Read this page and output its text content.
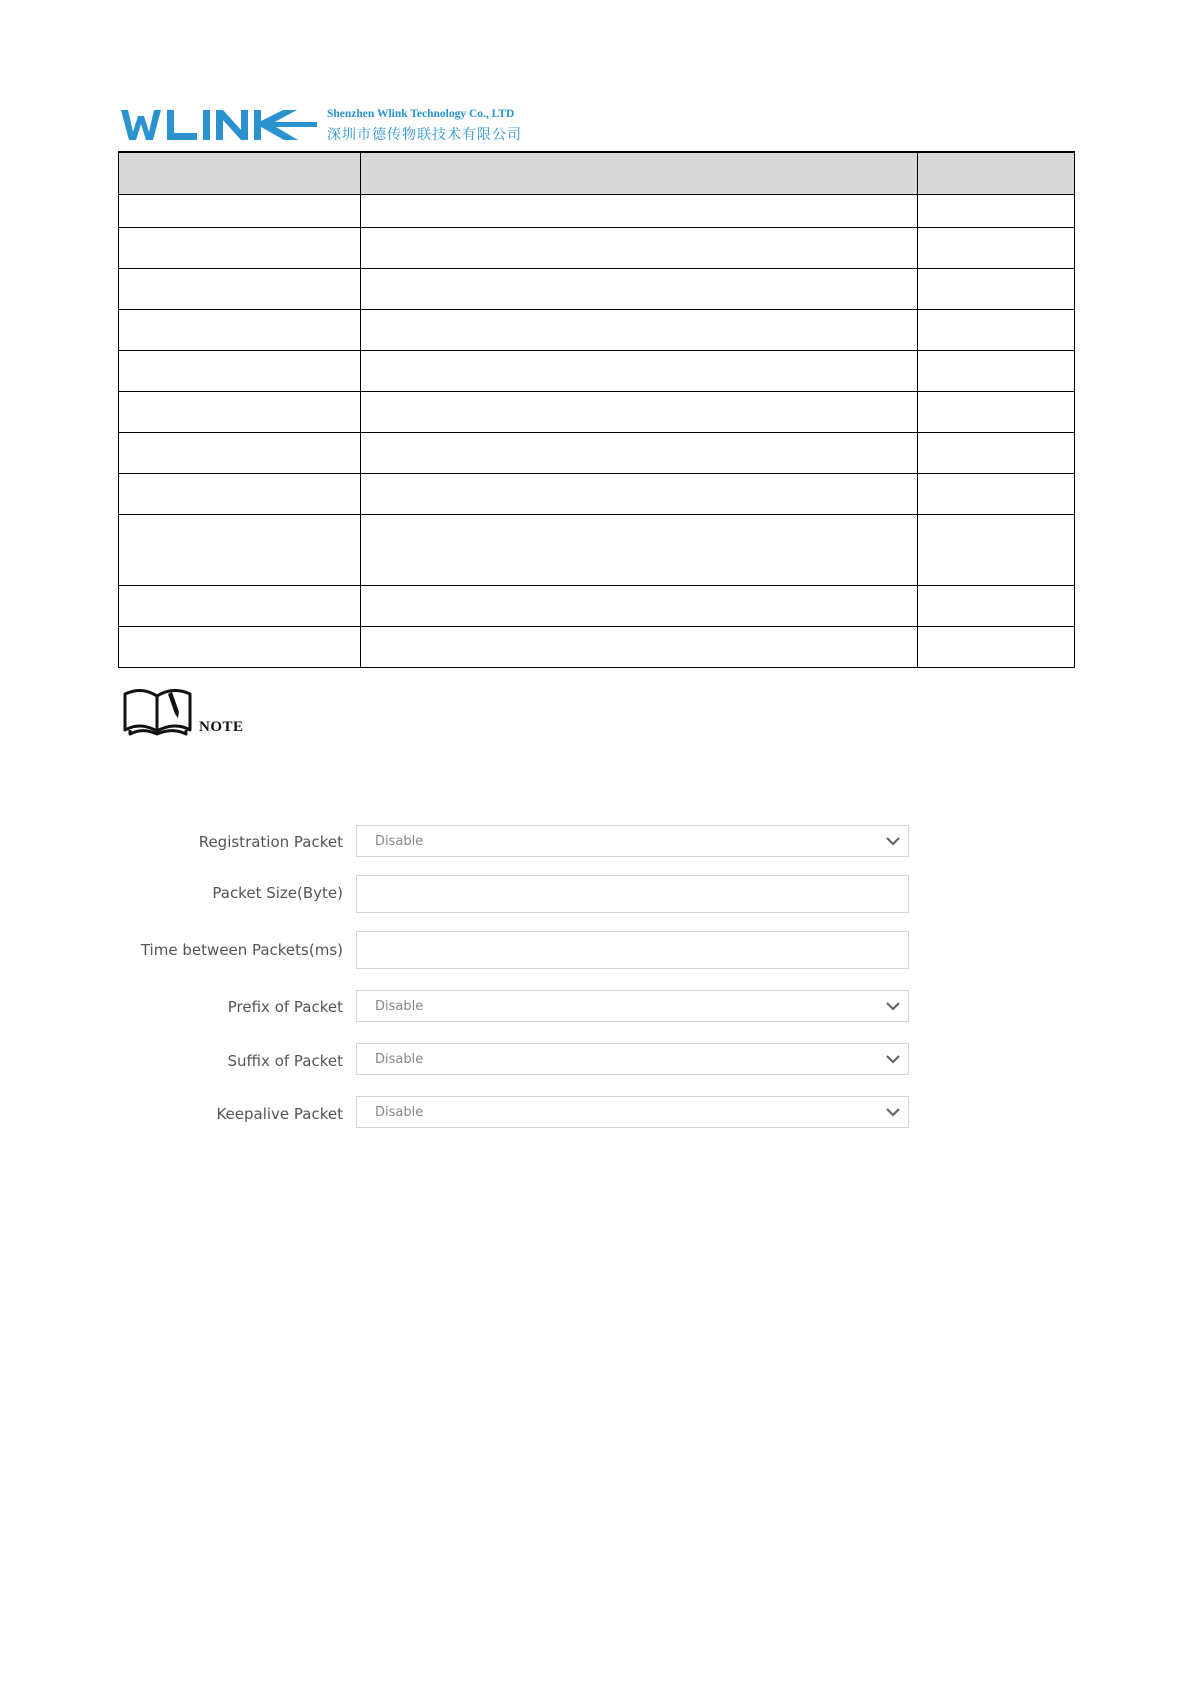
Shenzhen Wlink Technology Co., LTD
深圳市德传物联技术有限公司

NOTE
Registration Packet Disable
Packet Size(Byte)
Time between Packets(ms)
Prefix of Packet Disable
Suffix of Packet Disable
Keepalive Packet Disable
